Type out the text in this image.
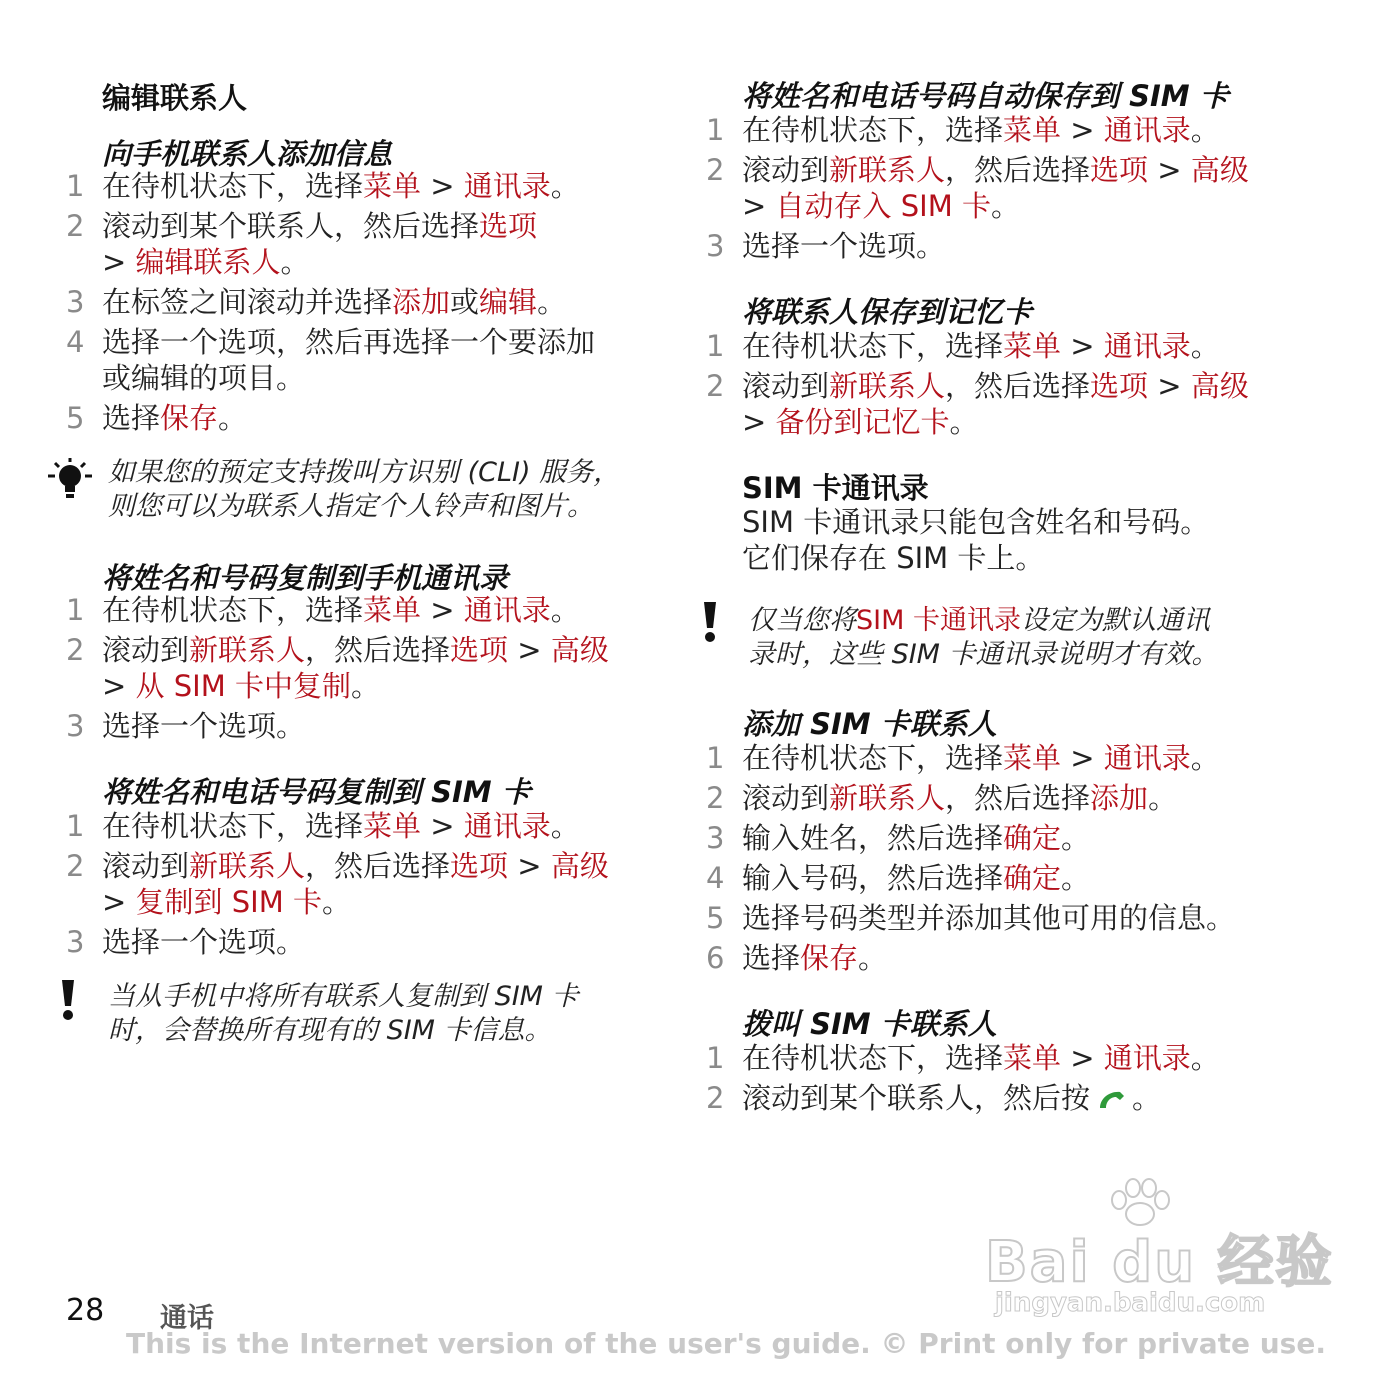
编辑联系人
向手机联系人添加信息
1 在待机状态下，选择菜单 > 通讯录。
2 滚动到某个联系人，然后选择选项
> 编辑联系人。
3 在标签之间滚动并选择添加或编辑。
4 选择一个选项，然后再选择一个要添加
或编辑的项目。
5 选择保存。
如果您的预定支持拨叫方识别 (CLI) 服务，
则您可以为联系人指定个人铃声和图片。
将姓名和号码复制到手机通讯录
1 在待机状态下，选择菜单 > 通讯录。
2 滚动到新联系人，然后选择选项 > 高级
> 从 SIM 卡中复制。
3 选择一个选项。
将姓名和电话号码复制到 SIM 卡
1 在待机状态下，选择菜单 > 通讯录。
2 滚动到新联系人，然后选择选项 > 高级
> 复制到 SIM 卡。
3 选择一个选项。
当从手机中将所有联系人复制到 SIM 卡
时，会替换所有现有的 SIM 卡信息。
将姓名和电话号码自动保存到 SIM 卡
1 在待机状态下，选择菜单 > 通讯录。
2 滚动到新联系人，然后选择选项 > 高级
> 自动存入 SIM 卡。
3 选择一个选项。
将联系人保存到记忆卡
1 在待机状态下，选择菜单 > 通讯录。
2 滚动到新联系人，然后选择选项 > 高级
> 备份到记忆卡。
SIM 卡通讯录
SIM 卡通讯录只能包含姓名和号码。
它们保存在 SIM 卡上。
仅当您将SIM 卡通讯录设定为默认通讯
录时，这些 SIM 卡通讯录说明才有效。
添加 SIM 卡联系人
1 在待机状态下，选择菜单 > 通讯录。
2 滚动到新联系人，然后选择添加。
3 输入姓名，然后选择确定。
4 输入号码，然后选择确定。
5 选择号码类型并添加其他可用的信息。
6 选择保存。
拨叫 SIM 卡联系人
1 在待机状态下，选择菜单 > 通讯录。
2 滚动到某个联系人，然后按 。
Bai du 经验
jingyan.baidu.com
28 通话
This is the Internet version of the user's guide. © Print only for private use.
